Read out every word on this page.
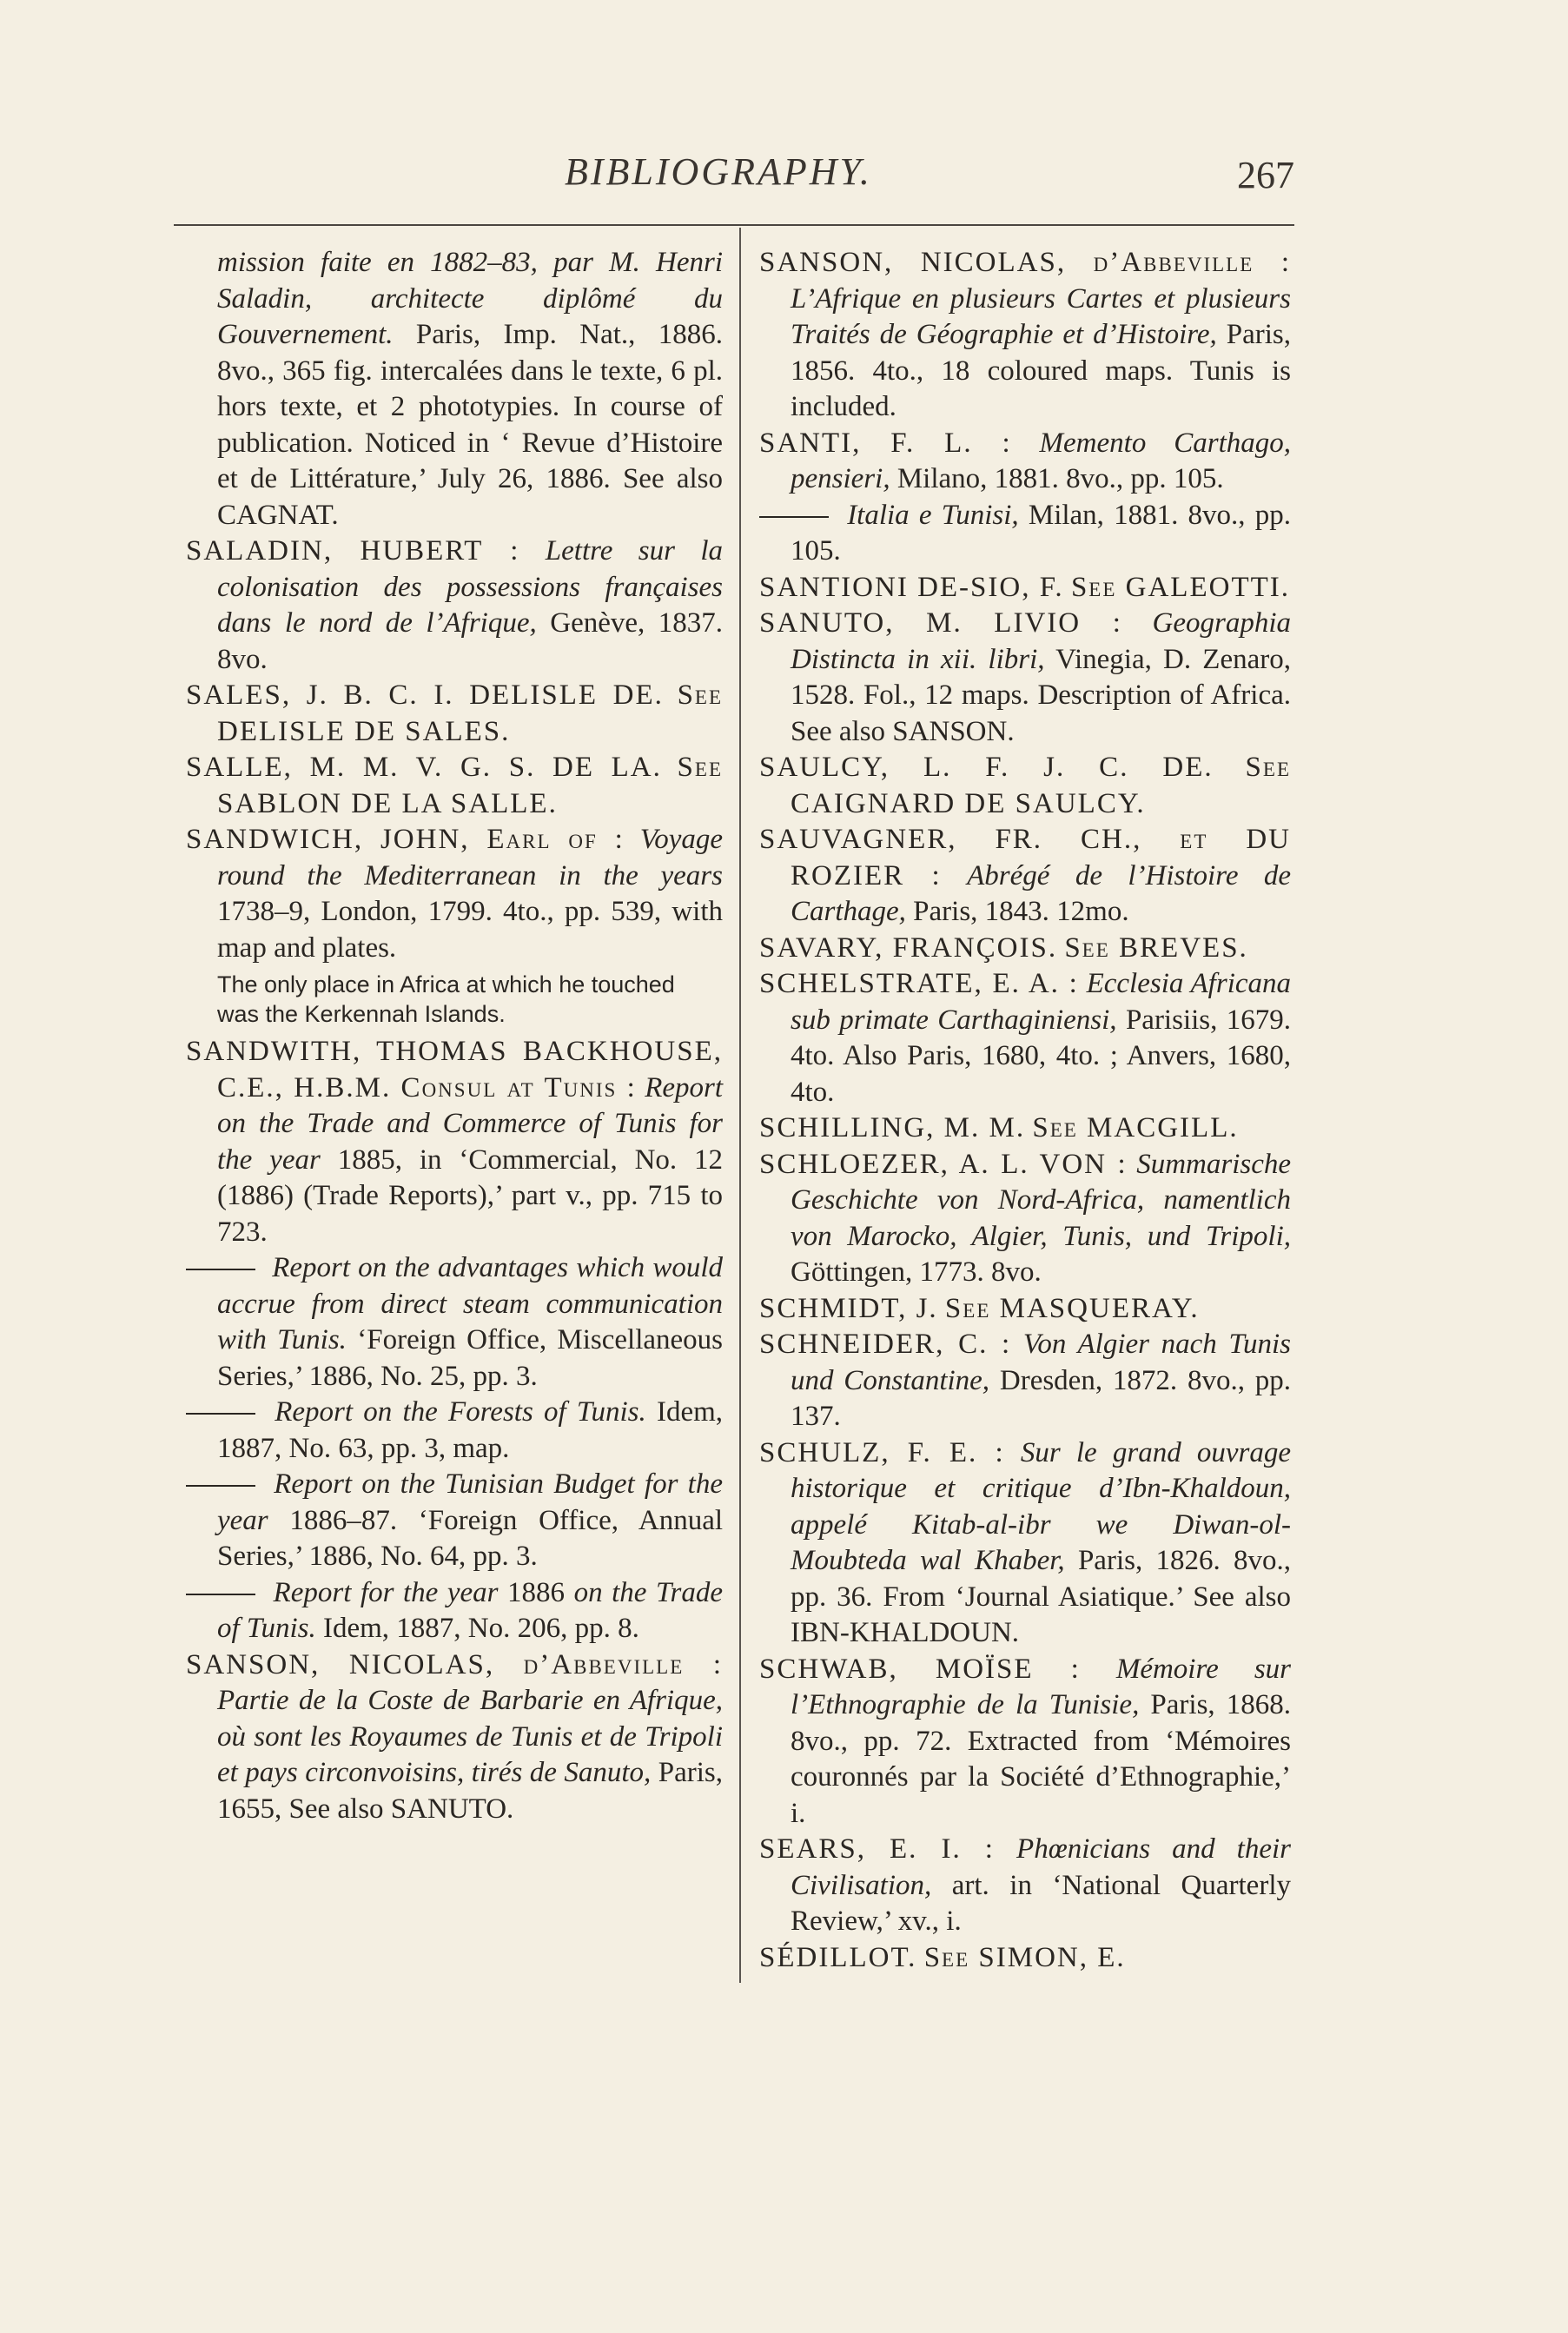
BIBLIOGRAPHY.	267

mission faite en 1882–83, par M. Henri Saladin, architecte diplômé du Gouvernement. Paris, Imp. Nat., 1886. 8vo., 365 fig. intercalées dans le texte, 6 pl. hors texte, et 2 phototypies. In course of publication. Noticed in ‘ Revue d’Histoire et de Littérature,’ July 26, 1886. See also CAGNAT.

SALADIN, HUBERT : Lettre sur la colonisation des possessions françaises dans le nord de l’Afrique, Genève, 1837. 8vo.

SALES, J. B. C. I. DELISLE DE. See DELISLE DE SALES.

SALLE, M. M. V. G. S. DE LA. See SABLON DE LA SALLE.

SANDWICH, JOHN, Earl of : Voyage round the Mediterranean in the years 1738–9, London, 1799. 4to., pp. 539, with map and plates.

The only place in Africa at which he touched was the Kerkennah Islands.

SANDWITH, THOMAS BACKHOUSE, C.E., H.B.M. Consul at Tunis : Report on the Trade and Commerce of Tunis for the year 1885, in ‘Commercial, No. 12 (1886) (Trade Reports),’ part v., pp. 715 to 723.

Report on the advantages which would accrue from direct steam communication with Tunis. ‘Foreign Office, Miscellaneous Series,’ 1886, No. 25, pp. 3.

Report on the Forests of Tunis. Idem, 1887, No. 63, pp. 3, map.

Report on the Tunisian Budget for the year 1886–87. ‘Foreign Office, Annual Series,’ 1886, No. 64, pp. 3.

Report for the year 1886 on the Trade of Tunis. Idem, 1887, No. 206, pp. 8.

SANSON, NICOLAS, d’Abbeville : Partie de la Coste de Barbarie en Afrique, où sont les Royaumes de Tunis et de Tripoli et pays circonvoisins, tirés de Sanuto, Paris, 1655, See also SANUTO.

SANSON, NICOLAS, d’Abbeville : L’Afrique en plusieurs Cartes et plusieurs Traités de Géographie et d’Histoire, Paris, 1856. 4to., 18 coloured maps. Tunis is included.

SANTI, F. L. : Memento Carthago, pensieri, Milano, 1881. 8vo., pp. 105.

Italia e Tunisi, Milan, 1881. 8vo., pp. 105.

SANTIONI DE-SIO, F. See GALEOTTI.

SANUTO, M. LIVIO : Geographia Distincta in xii. libri, Vinegia, D. Zenaro, 1528. Fol., 12 maps. Description of Africa. See also SANSON.

SAULCY, L. F. J. C. DE. See CAIGNARD DE SAULCY.

SAUVAGNER, FR. CH., et DU ROZIER : Abrégé de l’Histoire de Carthage, Paris, 1843. 12mo.

SAVARY, FRANÇOIS. See BREVES.

SCHELSTRATE, E. A. : Ecclesia Africana sub primate Carthaginiensi, Parisiis, 1679. 4to. Also Paris, 1680, 4to. ; Anvers, 1680, 4to.

SCHILLING, M. M. See MACGILL.

SCHLOEZER, A. L. VON : Summarische Geschichte von Nord-Africa, namentlich von Marocko, Algier, Tunis, und Tripoli, Göttingen, 1773. 8vo.

SCHMIDT, J. See MASQUERAY.

SCHNEIDER, C. : Von Algier nach Tunis und Constantine, Dresden, 1872. 8vo., pp. 137.

SCHULZ, F. E. : Sur le grand ouvrage historique et critique d’Ibn-Khaldoun, appelé Kitab-al-ibr we Diwan-ol-Moubteda wal Khaber, Paris, 1826. 8vo., pp. 36. From ‘Journal Asiatique.’ See also IBN-KHALDOUN.

SCHWAB, MOÏSE : Mémoire sur l’Ethnographie de la Tunisie, Paris, 1868. 8vo., pp. 72. Extracted from ‘Mémoires couronnés par la Société d’Ethnographie,’ i.

SEARS, E. I. : Phœnicians and their Civilisation, art. in ‘National Quarterly Review,’ xv., i.

SÉDILLOT. See SIMON, E.
